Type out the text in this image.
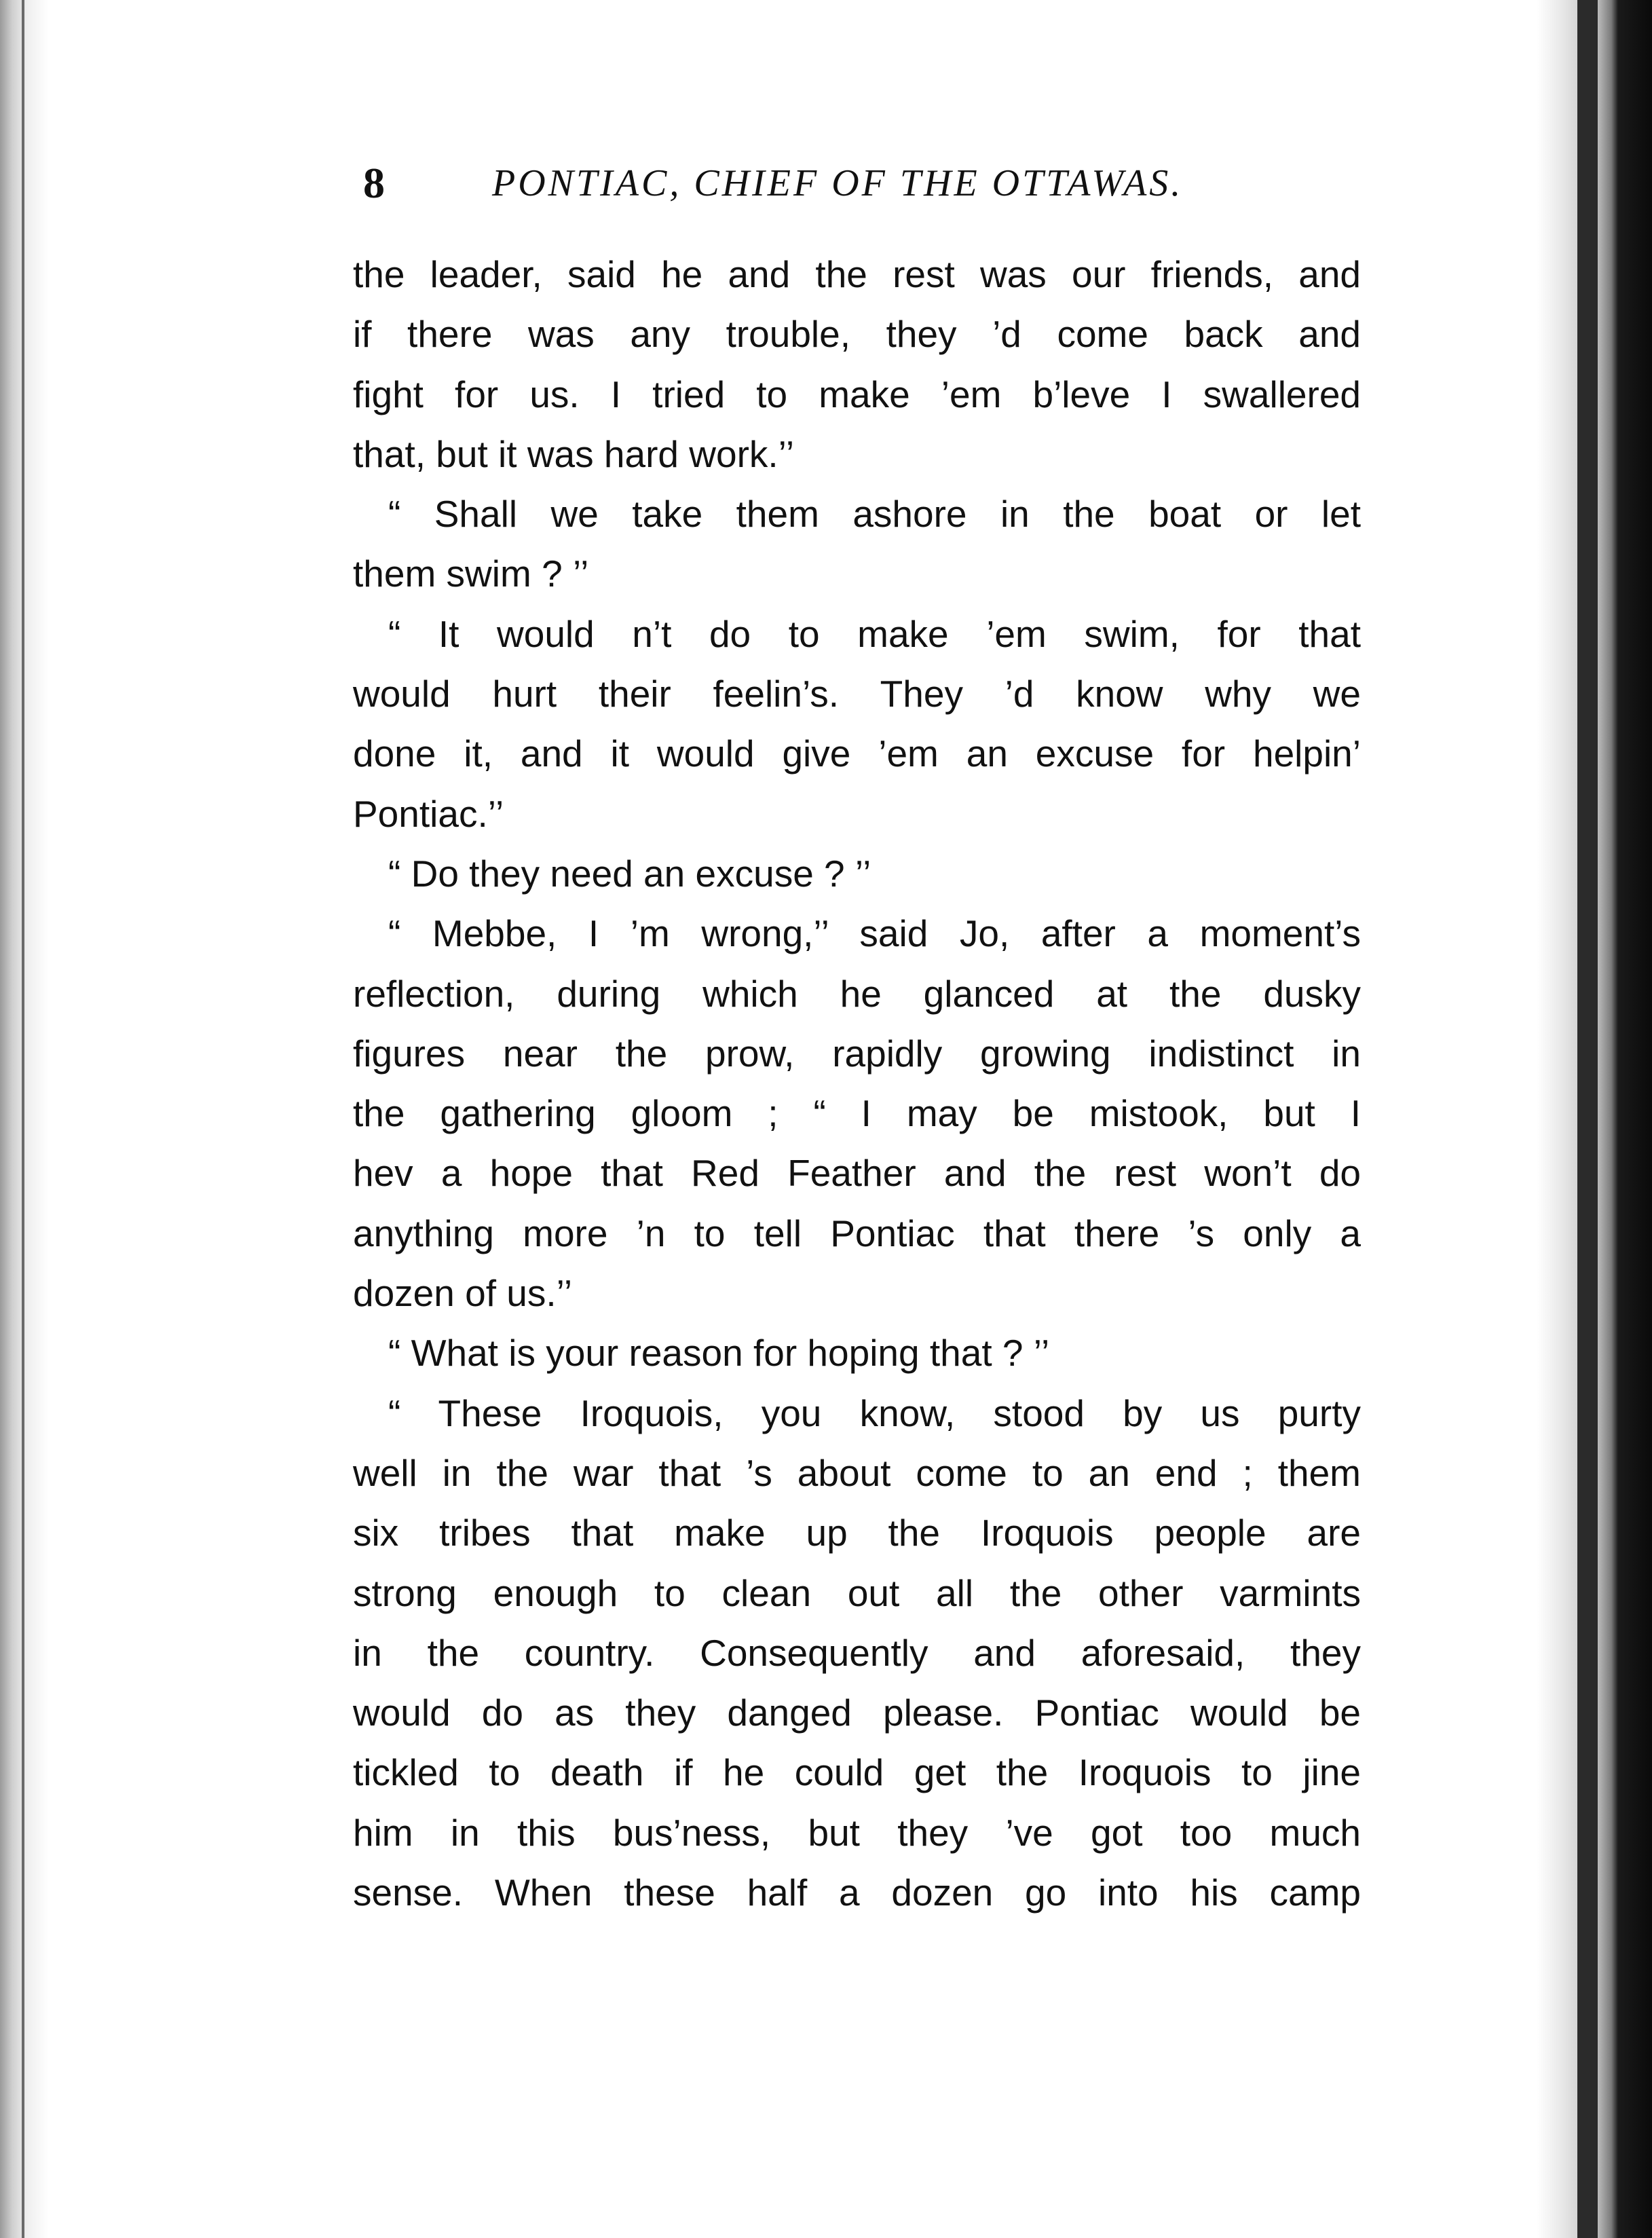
8	PONTIAC, CHIEF OF THE OTTAWAS.
the leader, said he and the rest was our friends, and
if there was any trouble, they ’d come back and
fight for us. I tried to make ’em b’leve I swallered
that, but it was hard work.’’
“ Shall we take them ashore in the boat or let
them swim ? ’’
“ It would n’t do to make ’em swim, for that
would hurt their feelin’s. They ’d know why we
done it, and it would give ’em an excuse for helpin’
Pontiac.’’
“ Do they need an excuse ? ’’
“ Mebbe, I ’m wrong,’’ said Jo, after a moment’s
reflection, during which he glanced at the dusky
figures near the prow, rapidly growing indistinct in
the gathering gloom ; “ I may be mistook, but I
hev a hope that Red Feather and the rest won’t do
anything more ’n to tell Pontiac that there ’s only a
dozen of us.’’
“ What is your reason for hoping that ? ’’
“ These Iroquois, you know, stood by us purty
well in the war that ’s about come to an end ; them
six tribes that make up the Iroquois people are
strong enough to clean out all the other varmints
in the country. Consequently and aforesaid, they
would do as they danged please. Pontiac would be
tickled to death if he could get the Iroquois to jine
him in this bus’ness, but they ’ve got too much
sense. When these half a dozen go into his camp
